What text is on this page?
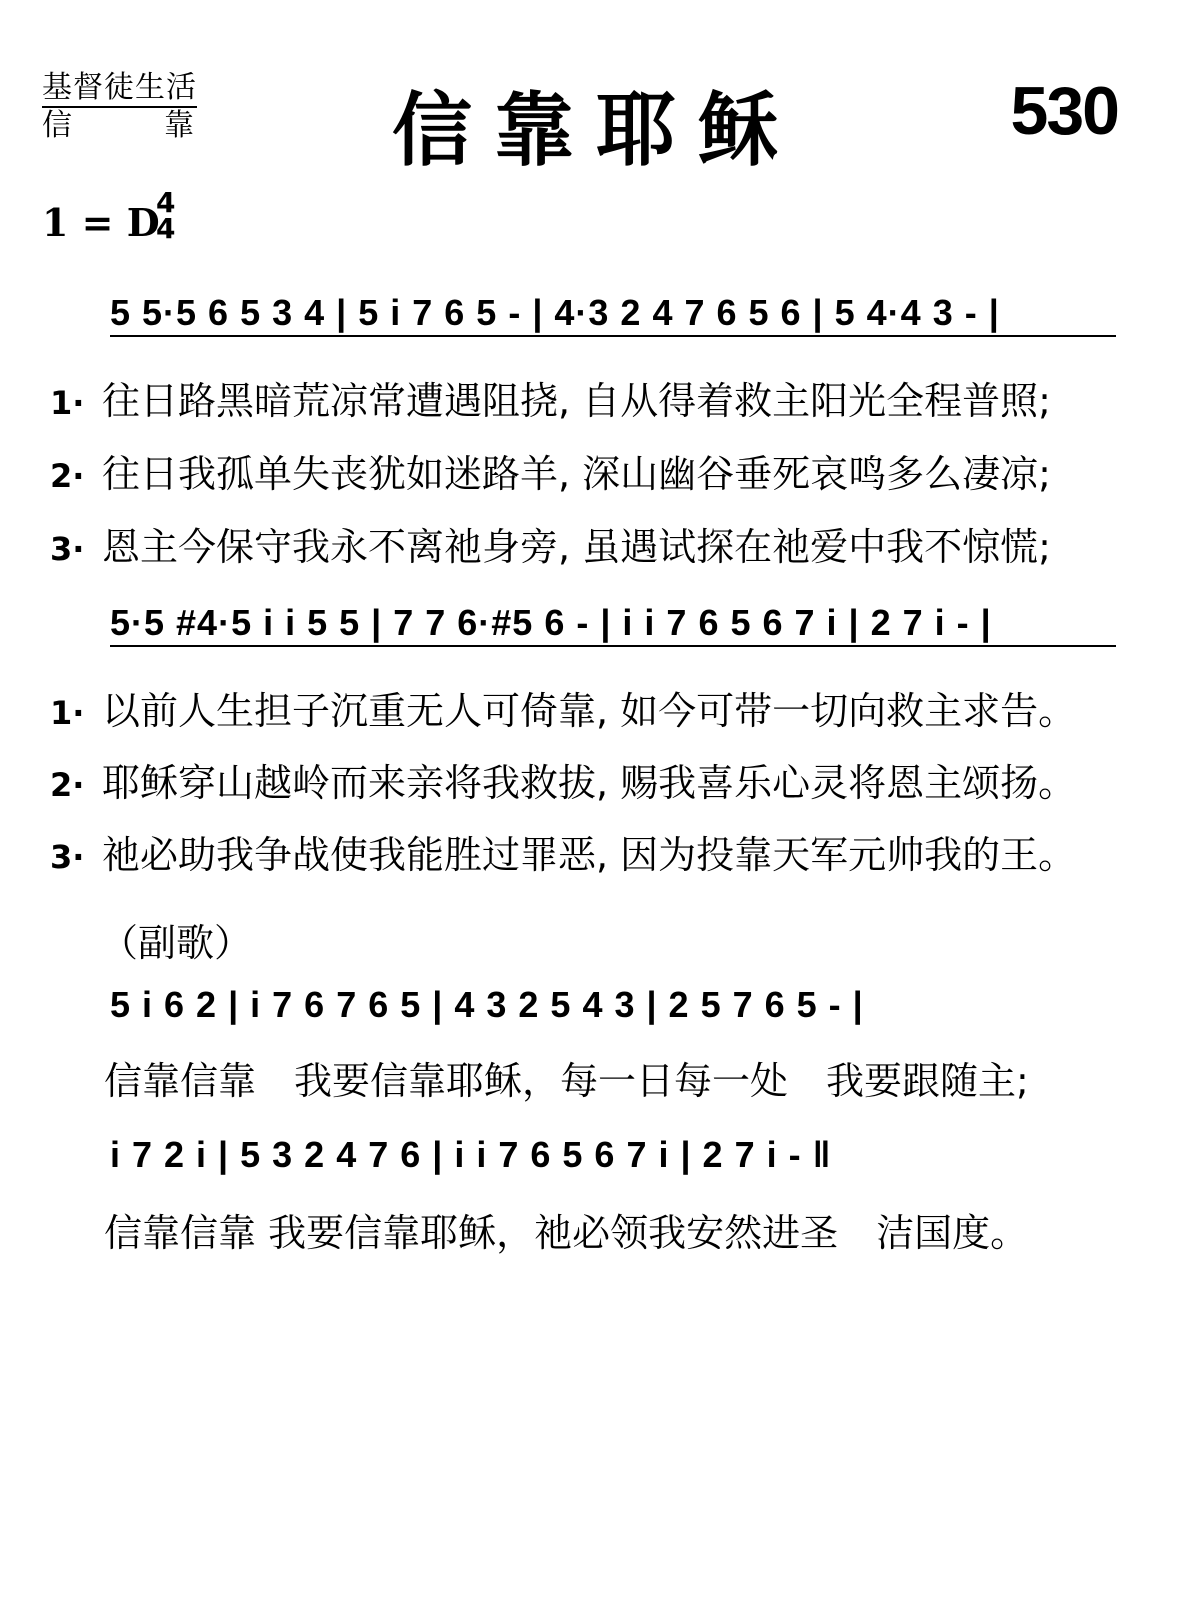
基督徒生活
信	靠 信靠耶稣	530
1 = D
4
4
5 5·5 6 5 3 4 | 5 i 7 6 5 - | 4·3 2 4 7 6 5 6 | 5 4·4 3 - |
1· 往日路黑暗荒凉常遭遇阻挠, 自从得着救主阳光全程普照;
2· 往日我孤单失丧犹如迷路羊, 深山幽谷垂死哀鸣多么凄凉;
3· 恩主今保守我永不离祂身旁, 虽遇试探在祂爱中我不惊慌;
5·5 #4·5 i i 5 5 | 7 7 6·#5 6 - | i i 7 6 5 6 7 i | 2 7 i - |
1· 以前人生担子沉重无人可倚靠, 如今可带一切向救主求告。
2· 耶稣穿山越岭而来亲将我救拔, 赐我喜乐心灵将恩主颂扬。
3· 祂必助我争战使我能胜过罪恶, 因为投靠天军元帅我的王。
（副歌）
5 i 6 2 | i 7 6 7 6 5 | 4 3 2 5 4 3 | 2 5 7 6 5 - |
信靠信靠　我要信靠耶稣，每一日每一处　我要跟随主;
i 7 2 i | 5 3 2 4 7 6 | i i 7 6 5 6 7 i | 2 7 i - ‖
信靠信靠 我要信靠耶稣，祂必领我安然进圣　洁国度。
